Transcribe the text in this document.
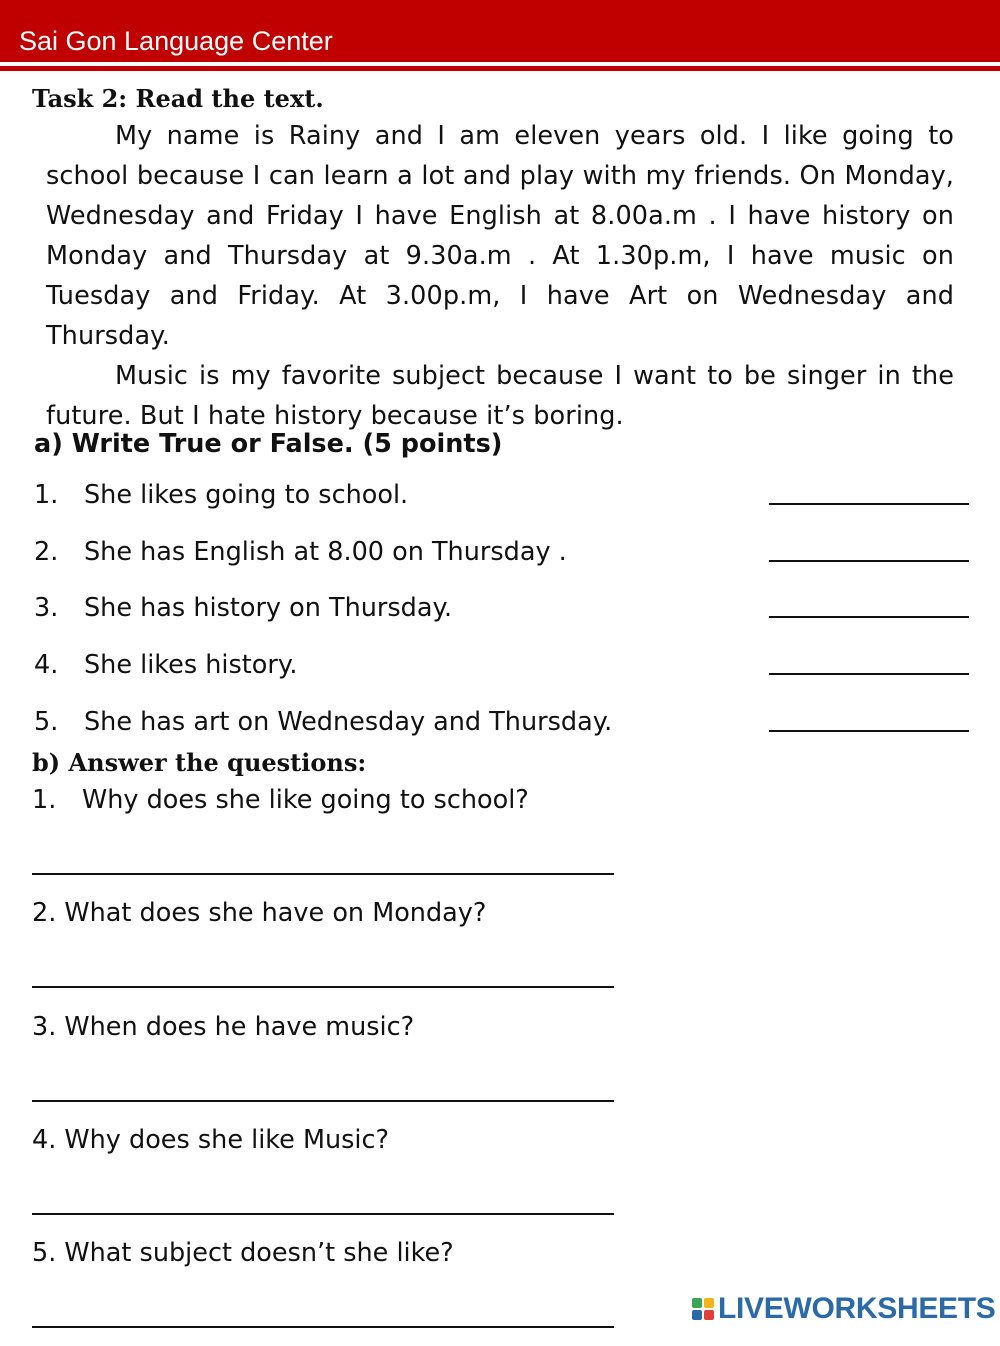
Sai Gon Language Center
Task 2: Read the text.

My name is Rainy and I am eleven years old. I like going to school because I can learn a lot and play with my friends. On Monday, Wednesday and Friday I have English at 8.00a.m . I have history on Monday and Thursday at 9.30a.m . At 1.30p.m, I have music on Tuesday and Friday. At 3.00p.m, I have Art on Wednesday and Thursday.

Music is my favorite subject because I want to be singer in the future. But I hate history because it’s boring.

a) Write True or False. (5 points)
1. She likes going to school.
2. She has English at 8.00 on Thursday .
3. She has history on Thursday.
4. She likes history.
5. She has art on Wednesday and Thursday.
b) Answer the questions:
1. Why does she like going to school?
2. What does she have on Monday?
3. When does he have music?
4. Why does she like Music?
5. What subject doesn’t she like?
LIVEWORKSHEETS
